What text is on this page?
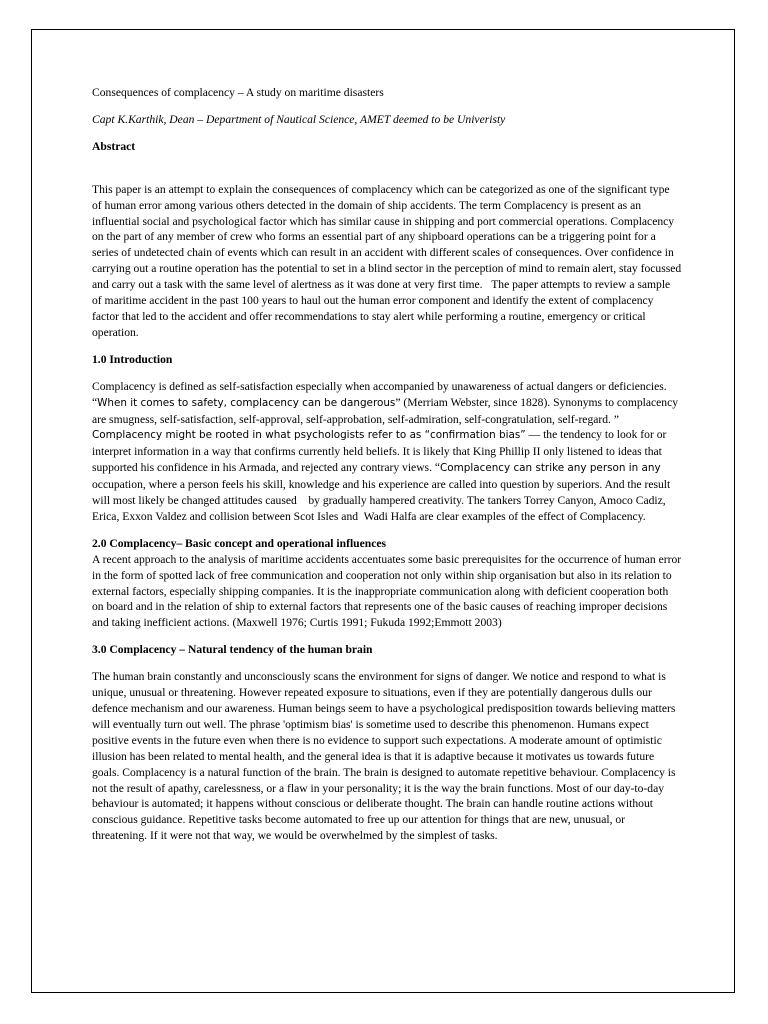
Consequences of complacency – A study on maritime disasters

Capt K.Karthik, Dean – Department of Nautical Science, AMET deemed to be Univeristy

Abstract

This paper is an attempt to explain the consequences of complacency which can be categorized as one of the significant type of human error among various others detected in the domain of ship accidents. The term Complacency is present as an influential social and psychological factor which has similar cause in shipping and port commercial operations. Complacency on the part of any member of crew who forms an essential part of any shipboard operations can be a triggering point for a series of undetected chain of events which can result in an accident with different scales of consequences. Over confidence in carrying out a routine operation has the potential to set in a blind sector in the perception of mind to remain alert, stay focussed and carry out a task with the same level of alertness as it was done at very first time.   The paper attempts to review a sample of maritime accident in the past 100 years to haul out the human error component and identify the extent of complacency factor that led to the accident and offer recommendations to stay alert while performing a routine, emergency or critical operation.

1.0 Introduction

Complacency is defined as self-satisfaction especially when accompanied by unawareness of actual dangers or deficiencies. “When it comes to safety, complacency can be dangerous” (Merriam Webster, since 1828). Synonyms to complacency are smugness, self-satisfaction, self-approval, self-approbation, self-admiration, self-congratulation, self-regard. ” Complacency might be rooted in what psychologists refer to as “confirmation bias” — the tendency to look for or interpret information in a way that confirms currently held beliefs. It is likely that King Phillip II only listened to ideas that supported his confidence in his Armada, and rejected any contrary views. “Complacency can strike any person in any occupation, where a person feels his skill, knowledge and his experience are called into question by superiors. And the result will most likely be changed attitudes caused    by gradually hampered creativity. The tankers Torrey Canyon, Amoco Cadiz, Erica, Exxon Valdez and collision between Scot Isles and  Wadi Halfa are clear examples of the effect of Complacency.

2.0 Complacency– Basic concept and operational influences

A recent approach to the analysis of maritime accidents accentuates some basic prerequisites for the occurrence of human error in the form of spotted lack of free communication and cooperation not only within ship organisation but also in its relation to external factors, especially shipping companies. It is the inappropriate communication along with deficient cooperation both on board and in the relation of ship to external factors that represents one of the basic causes of reaching improper decisions and taking inefficient actions. (Maxwell 1976; Curtis 1991; Fukuda 1992;Emmott 2003)

3.0 Complacency – Natural tendency of the human brain

The human brain constantly and unconsciously scans the environment for signs of danger. We notice and respond to what is unique, unusual or threatening. However repeated exposure to situations, even if they are potentially dangerous dulls our defence mechanism and our awareness. Human beings seem to have a psychological predisposition towards believing matters will eventually turn out well. The phrase 'optimism bias' is sometime used to describe this phenomenon. Humans expect positive events in the future even when there is no evidence to support such expectations. A moderate amount of optimistic illusion has been related to mental health, and the general idea is that it is adaptive because it motivates us towards future goals. Complacency is a natural function of the brain. The brain is designed to automate repetitive behaviour. Complacency is not the result of apathy, carelessness, or a flaw in your personality; it is the way the brain functions. Most of our day-to-day behaviour is automated; it happens without conscious or deliberate thought. The brain can handle routine actions without conscious guidance. Repetitive tasks become automated to free up our attention for things that are new, unusual, or threatening. If it were not that way, we would be overwhelmed by the simplest of tasks.
